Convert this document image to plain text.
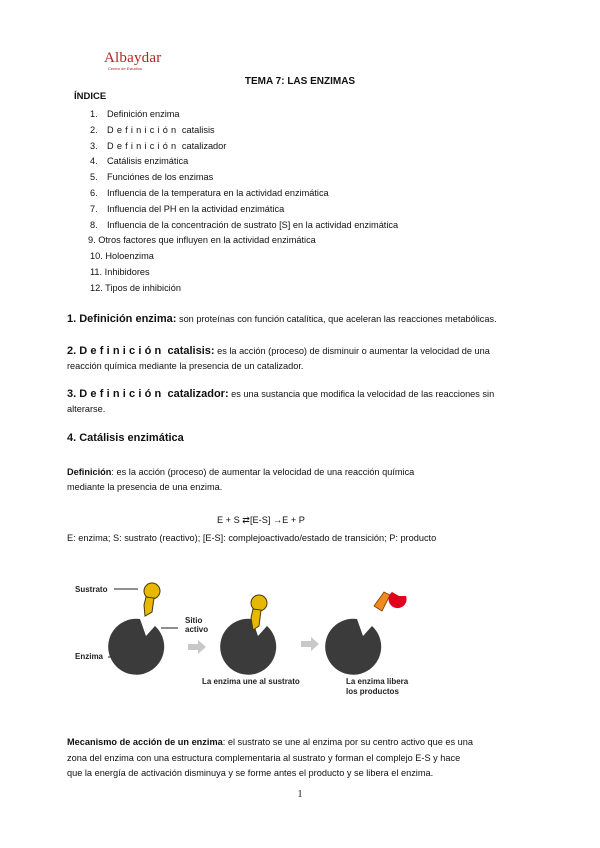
Albaydar
Centro de Estudios
TEMA 7: LAS ENZIMAS
ÍNDICE
1. Definición enzima
2. Definición catalisis
3. Definición catalizador
4. Catálisis enzimática
5. Funciónes de los enzimas
6. Influencia de la temperatura en la actividad enzimática
7. Influencia del PH en la actividad enzimática
8. Influencia de la concentración de sustrato [S] en la actividad enzimática
9. Otros factores que influyen en la actividad enzimática
10. Holoenzima
11. Inhibidores
12. Tipos de inhibición
1. Definición enzima: son proteínas con función catalítica, que aceleran las reacciones metabólicas.
2. Definición catalisis: es la acción (proceso) de disminuir o aumentar la velocidad de una reacción química mediante la presencia de un catalizador.
3. Definición catalizador: es una sustancia que modifica la velocidad de las reacciones sin alterarse.
4. Catálisis enzimática
Definición: es la acción (proceso) de aumentar la velocidad de una reacción química
mediante la presencia de una enzima.
E + S ⇄[E-S] →E + P
E: enzima; S: sustrato (reactivo); [E-S]: complejoactivado/estado de transición; P: producto
Sustrato
Enzima
Sitio
activo
La enzima une al sustrato	La enzima libera
los productos
Mecanismo de acción de un enzima: el sustrato se une al enzima por su centro activo que es una
zona del enzima con una estructura complementaria al sustrato y forman el complejo E-S y hace
que la energía de activación disminuya y se forme antes el producto y se libera el enzima.
1
